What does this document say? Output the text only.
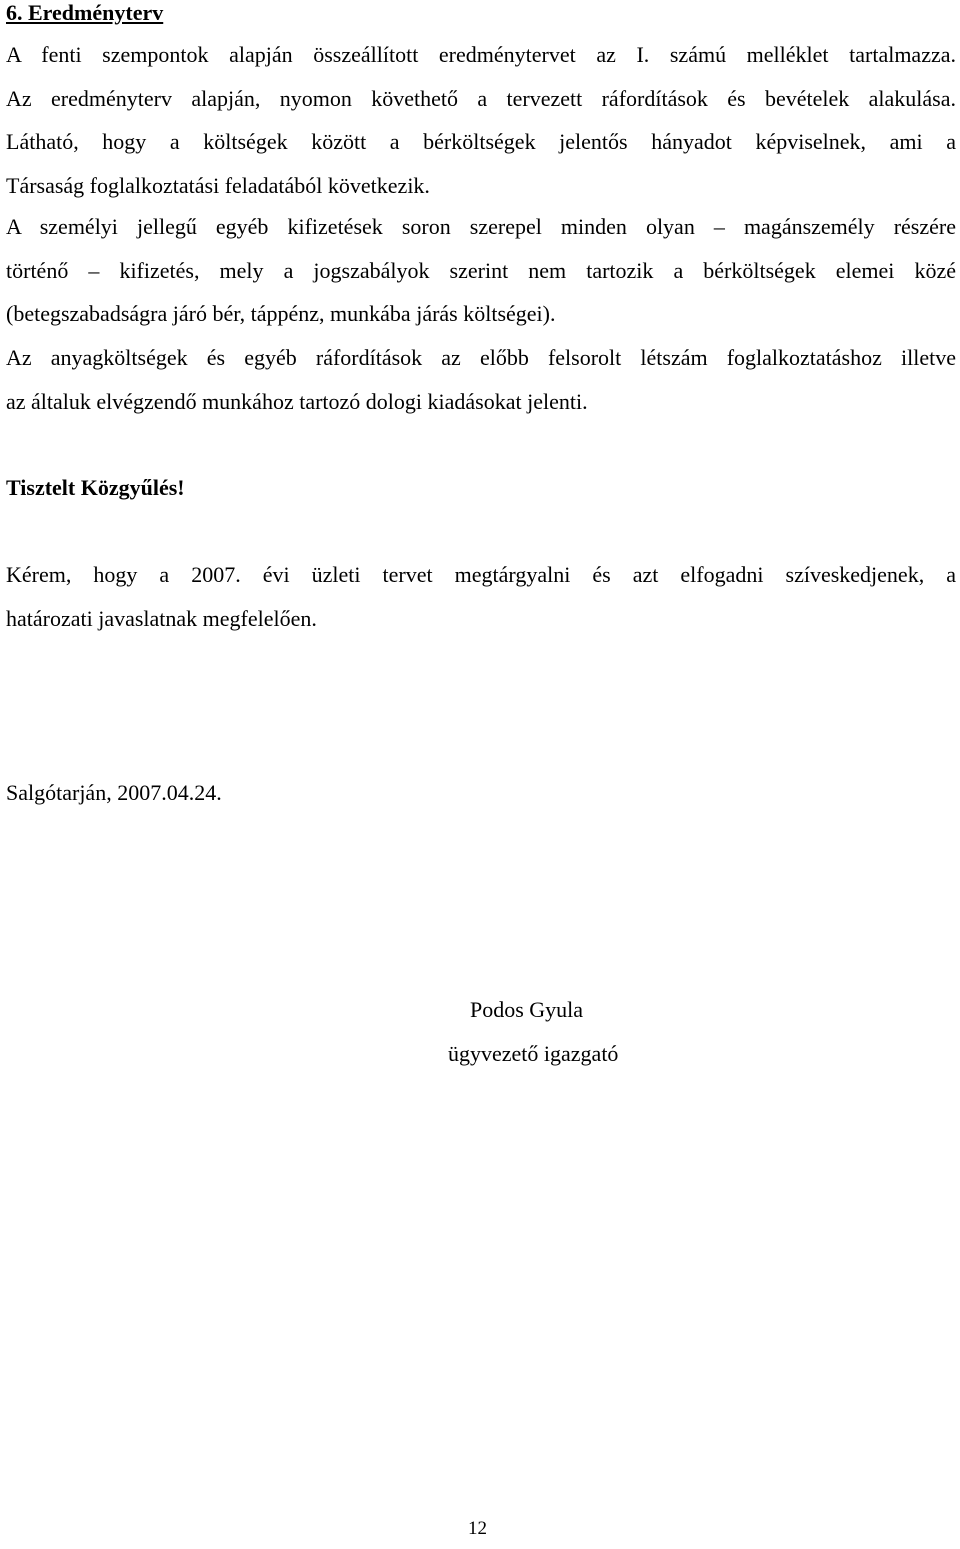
6. Eredményterv
A fenti szempontok alapján összeállított eredménytervet az I. számú melléklet tartalmazza.
Az eredményterv alapján, nyomon követhető a tervezett ráfordítások és bevételek alakulása.
Látható, hogy a költségek között a bérköltségek jelentős hányadot képviselnek, ami a
Társaság foglalkoztatási feladatából következik.
A személyi jellegű egyéb kifizetések soron szerepel minden olyan – magánszemély részére
történő – kifizetés, mely a jogszabályok szerint nem tartozik a bérköltségek elemei közé
(betegszabadságra járó bér, táppénz, munkába járás költségei).
Az anyagköltségek és egyéb ráfordítások az előbb felsorolt létszám foglalkoztatáshoz illetve
az általuk elvégzendő munkához tartozó dologi kiadásokat jelenti.
Tisztelt Közgyűlés!
Kérem, hogy a 2007. évi üzleti tervet megtárgyalni és azt elfogadni szíveskedjenek, a
határozati javaslatnak megfelelően.
Salgótarján, 2007.04.24.
Podos Gyula
ügyvezető igazgató
12
